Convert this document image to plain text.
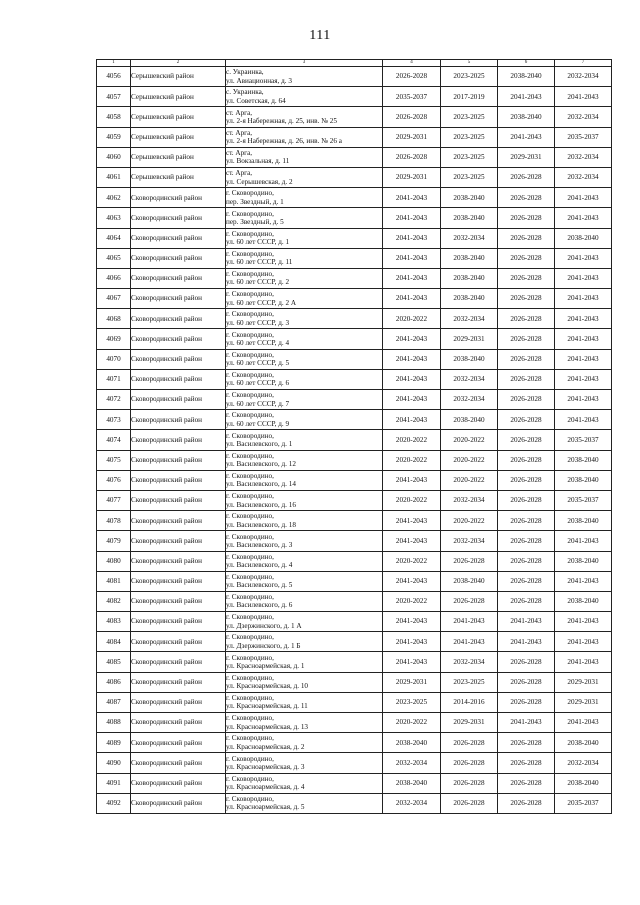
111
1	2	3	4	5	6	7
4056	Серышевский район	с. Украинка,
ул. Авиационная, д. 3	2026-2028	2023-2025	2038-2040	2032-2034
4057	Серышевский район	с. Украинка,
ул. Советская, д. 64	2035-2037	2017-2019	2041-2043	2041-2043
4058	Серышевский район	ст. Арга,
ул. 2-я Набережная, д. 25, инв. № 25	2026-2028	2023-2025	2038-2040	2032-2034
4059	Серышевский район	ст. Арга,
ул. 2-я Набережная, д. 26, инв. № 26 а	2029-2031	2023-2025	2041-2043	2035-2037
4060	Серышевский район	ст. Арга,
ул. Вокзальная, д. 11	2026-2028	2023-2025	2029-2031	2032-2034
4061	Серышевский район	ст. Арга,
ул. Серышевская, д. 2	2029-2031	2023-2025	2026-2028	2032-2034
4062	Сковородинский район	г. Сковородино,
пер. Звездный, д. 1	2041-2043	2038-2040	2026-2028	2041-2043
4063	Сковородинский район	г. Сковородино,
пер. Звездный, д. 5	2041-2043	2038-2040	2026-2028	2041-2043
4064	Сковородинский район	г. Сковородино,
ул. 60 лет СССР, д. 1	2041-2043	2032-2034	2026-2028	2038-2040
4065	Сковородинский район	г. Сковородино,
ул. 60 лет СССР, д. 11	2041-2043	2038-2040	2026-2028	2041-2043
4066	Сковородинский район	г. Сковородино,
ул. 60 лет СССР, д. 2	2041-2043	2038-2040	2026-2028	2041-2043
4067	Сковородинский район	г. Сковородино,
ул. 60 лет СССР, д. 2 А	2041-2043	2038-2040	2026-2028	2041-2043
4068	Сковородинский район	г. Сковородино,
ул. 60 лет СССР, д. 3	2020-2022	2032-2034	2026-2028	2041-2043
4069	Сковородинский район	г. Сковородино,
ул. 60 лет СССР, д. 4	2041-2043	2029-2031	2026-2028	2041-2043
4070	Сковородинский район	г. Сковородино,
ул. 60 лет СССР, д. 5	2041-2043	2038-2040	2026-2028	2041-2043
4071	Сковородинский район	г. Сковородино,
ул. 60 лет СССР, д. 6	2041-2043	2032-2034	2026-2028	2041-2043
4072	Сковородинский район	г. Сковородино,
ул. 60 лет СССР, д. 7	2041-2043	2032-2034	2026-2028	2041-2043
4073	Сковородинский район	г. Сковородино,
ул. 60 лет СССР, д. 9	2041-2043	2038-2040	2026-2028	2041-2043
4074	Сковородинский район	г. Сковородино,
ул. Василевского, д. 1	2020-2022	2020-2022	2026-2028	2035-2037
4075	Сковородинский район	г. Сковородино,
ул. Василевского, д. 12	2020-2022	2020-2022	2026-2028	2038-2040
4076	Сковородинский район	г. Сковородино,
ул. Василевского, д. 14	2041-2043	2020-2022	2026-2028	2038-2040
4077	Сковородинский район	г. Сковородино,
ул. Василевского, д. 16	2020-2022	2032-2034	2026-2028	2035-2037
4078	Сковородинский район	г. Сковородино,
ул. Василевского, д. 18	2041-2043	2020-2022	2026-2028	2038-2040
4079	Сковородинский район	г. Сковородино,
ул. Василевского, д. 3	2041-2043	2032-2034	2026-2028	2041-2043
4080	Сковородинский район	г. Сковородино,
ул. Василевского, д. 4	2020-2022	2026-2028	2026-2028	2038-2040
4081	Сковородинский район	г. Сковородино,
ул. Василевского, д. 5	2041-2043	2038-2040	2026-2028	2041-2043
4082	Сковородинский район	г. Сковородино,
ул. Василевского, д. 6	2020-2022	2026-2028	2026-2028	2038-2040
4083	Сковородинский район	г. Сковородино,
ул. Дзержинского, д. 1 А	2041-2043	2041-2043	2041-2043	2041-2043
4084	Сковородинский район	г. Сковородино,
ул. Дзержинского, д. 1 Б	2041-2043	2041-2043	2041-2043	2041-2043
4085	Сковородинский район	г. Сковородино,
ул. Красноармейская, д. 1	2041-2043	2032-2034	2026-2028	2041-2043
4086	Сковородинский район	г. Сковородино,
ул. Красноармейская, д. 10	2029-2031	2023-2025	2026-2028	2029-2031
4087	Сковородинский район	г. Сковородино,
ул. Красноармейская, д. 11	2023-2025	2014-2016	2026-2028	2029-2031
4088	Сковородинский район	г. Сковородино,
ул. Красноармейская, д. 13	2020-2022	2029-2031	2041-2043	2041-2043
4089	Сковородинский район	г. Сковородино,
ул. Красноармейская, д. 2	2038-2040	2026-2028	2026-2028	2038-2040
4090	Сковородинский район	г. Сковородино,
ул. Красноармейская, д. 3	2032-2034	2026-2028	2026-2028	2032-2034
4091	Сковородинский район	г. Сковородино,
ул. Красноармейская, д. 4	2038-2040	2026-2028	2026-2028	2038-2040
4092	Сковородинский район	г. Сковородино,
ул. Красноармейская, д. 5	2032-2034	2026-2028	2026-2028	2035-2037
